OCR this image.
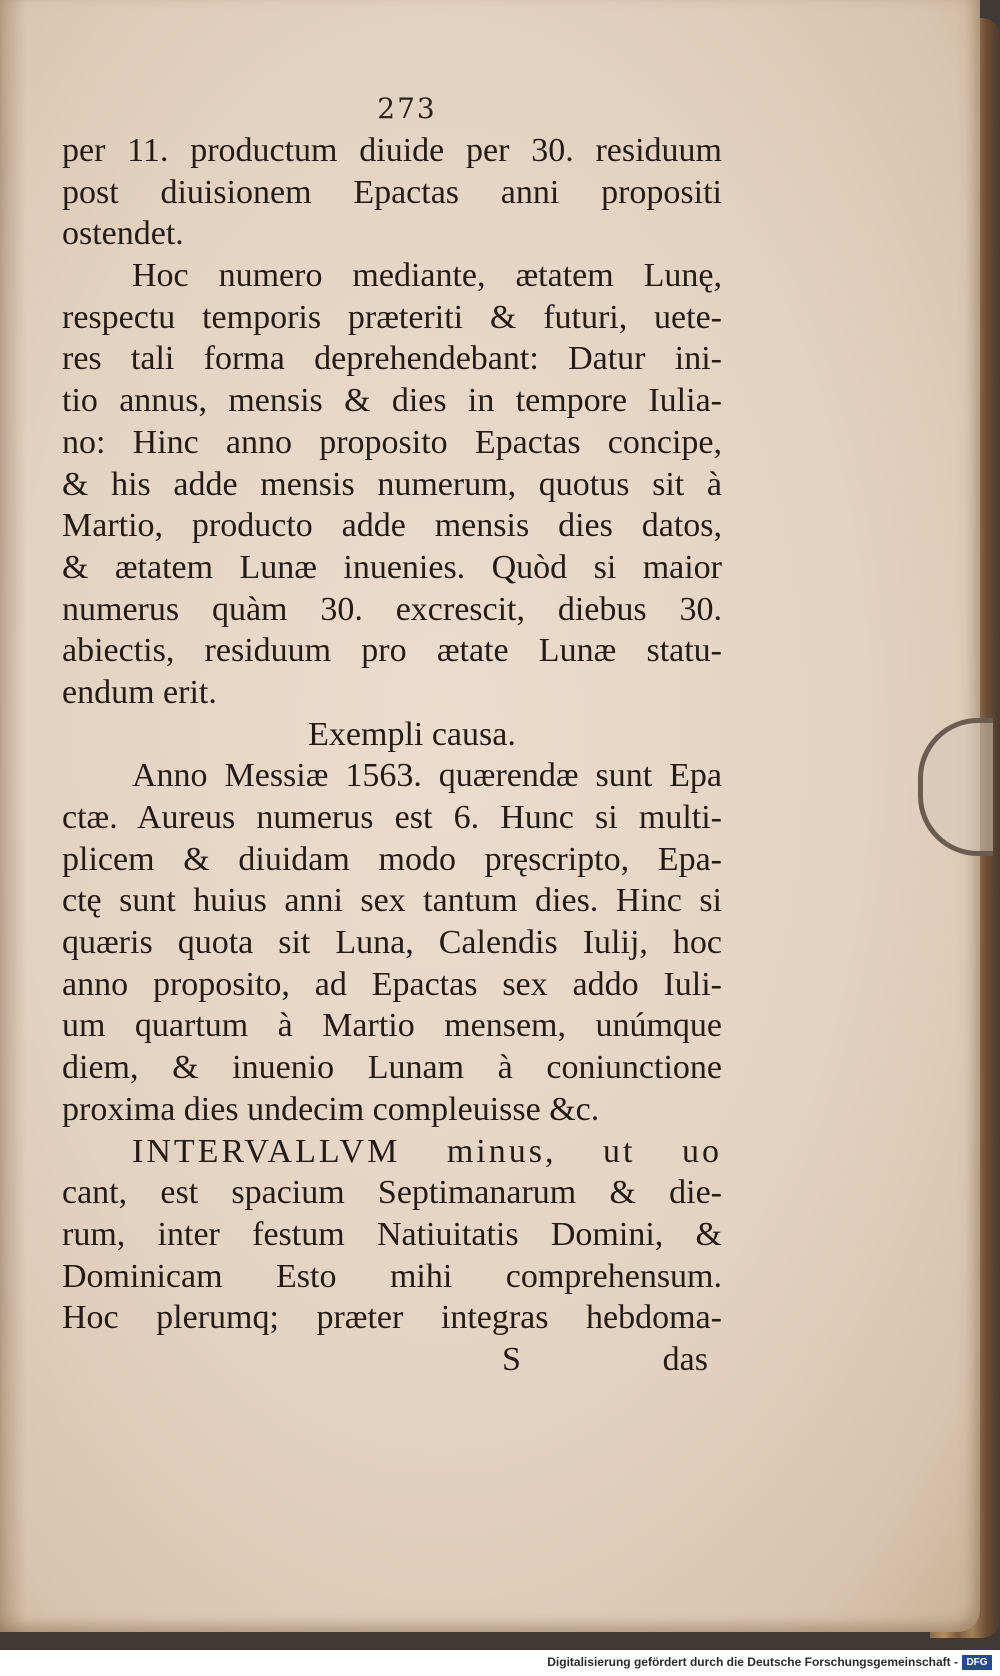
273
per 11. productum diuide per 30. residuum
post diuisionem Epactas anni propositi
ostendet.
Hoc numero mediante, ætatem Lunę,
respectu temporis præteriti & futuri, uete-
res tali forma deprehendebant: Datur ini-
tio annus, mensis & dies in tempore Iulia-
no: Hinc anno proposito Epactas concipe,
& his adde mensis numerum, quotus sit à
Martio, producto adde mensis dies datos,
& ætatem Lunæ inuenies. Quòd si maior
numerus quàm 30. excrescit, diebus 30.
abiectis, residuum pro ætate Lunæ statu-
endum erit.
Exempli causa.
Anno Messiæ 1563. quærendæ sunt Epa
ctæ. Aureus numerus est 6. Hunc si multi-
plicem & diuidam modo pręscripto, Epa-
ctę sunt huius anni sex tantum dies. Hinc si
quæris quota sit Luna, Calendis Iulij, hoc
anno proposito, ad Epactas sex addo Iuli-
um quartum à Martio mensem, unúmque
diem, & inuenio Lunam à coniunctione
proxima dies undecim compleuisse &c.
INTERVALLVM minus, ut uo
cant, est spacium Septimanarum & die-
rum, inter festum Natiuitatis Domini, &
Dominicam Esto mihi comprehensum.
Hoc plerumq; præter integras hebdoma-
S	das
Digitalisierung gefördert durch die Deutsche Forschungsgemeinschaft - DFG
